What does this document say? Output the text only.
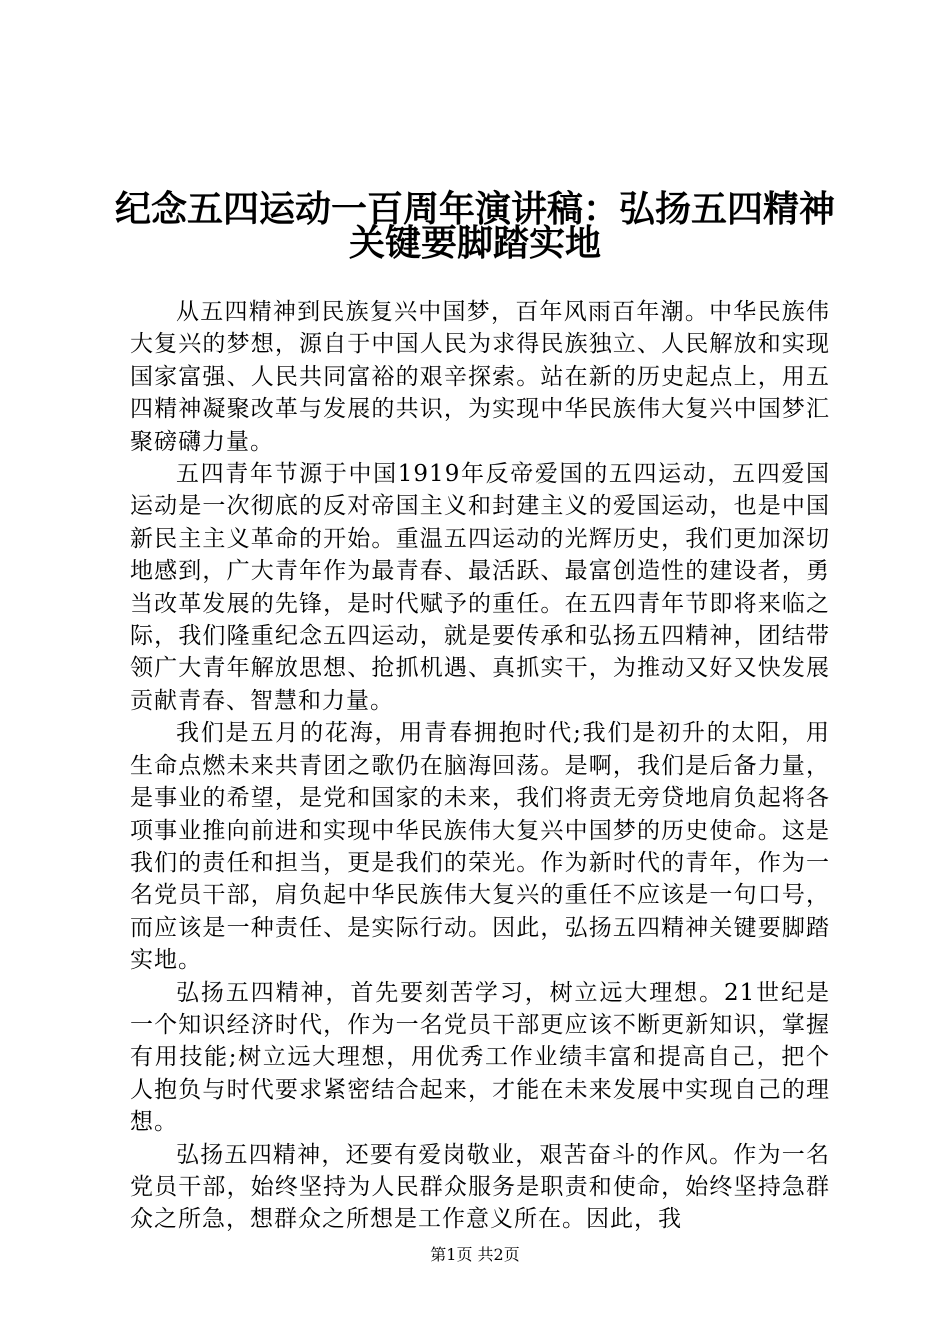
纪念五四运动一百周年演讲稿：弘扬五四精神
关键要脚踏实地

从五四精神到民族复兴中国梦，百年风雨百年潮。中华民族伟大复兴的梦想，源自于中国人民为求得民族独立、人民解放和实现国家富强、人民共同富裕的艰辛探索。站在新的历史起点上，用五四精神凝聚改革与发展的共识，为实现中华民族伟大复兴中国梦汇聚磅礴力量。

五四青年节源于中国1919年反帝爱国的五四运动，五四爱国运动是一次彻底的反对帝国主义和封建主义的爱国运动，也是中国新民主主义革命的开始。重温五四运动的光辉历史，我们更加深切地感到，广大青年作为最青春、最活跃、最富创造性的建设者，勇当改革发展的先锋，是时代赋予的重任。在五四青年节即将来临之际，我们隆重纪念五四运动，就是要传承和弘扬五四精神，团结带领广大青年解放思想、抢抓机遇、真抓实干，为推动又好又快发展贡献青春、智慧和力量。

我们是五月的花海，用青春拥抱时代;我们是初升的太阳，用生命点燃未来共青团之歌仍在脑海回荡。是啊，我们是后备力量，是事业的希望，是党和国家的未来，我们将责无旁贷地肩负起将各项事业推向前进和实现中华民族伟大复兴中国梦的历史使命。这是我们的责任和担当，更是我们的荣光。作为新时代的青年，作为一名党员干部，肩负起中华民族伟大复兴的重任不应该是一句口号，而应该是一种责任、是实际行动。因此，弘扬五四精神关键要脚踏实地。

弘扬五四精神，首先要刻苦学习，树立远大理想。21世纪是一个知识经济时代，作为一名党员干部更应该不断更新知识，掌握有用技能;树立远大理想，用优秀工作业绩丰富和提高自己，把个人抱负与时代要求紧密结合起来，才能在未来发展中实现自己的理想。

弘扬五四精神，还要有爱岗敬业，艰苦奋斗的作风。作为一名党员干部，始终坚持为人民群众服务是职责和使命，始终坚持急群众之所急，想群众之所想是工作意义所在。因此，我

第1页 共2页
